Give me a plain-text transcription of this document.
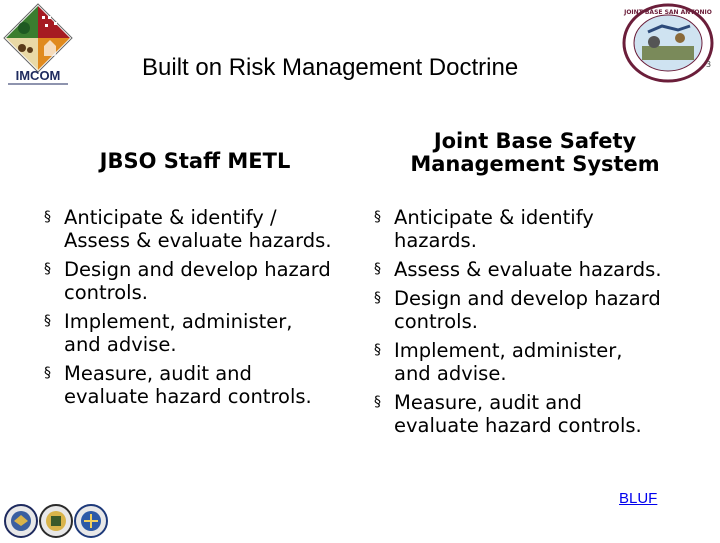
IMCOM	Built on Risk Management Doctrine
JOINT BASE SAN ANTONIO
3
JBSO Staff METL
§ Anticipate & identify /
Assess & evaluate hazards.
§ Design and develop hazard
controls.
§ Implement, administer,
and advise.
§ Measure, audit and
evaluate hazard controls.
Joint Base Safety
Management System
§ Anticipate & identify
hazards.
§ Assess & evaluate hazards.
§ Design and develop hazard
controls.
§ Implement, administer,
and advise.
§ Measure, audit and
evaluate hazard controls.
BLUF
